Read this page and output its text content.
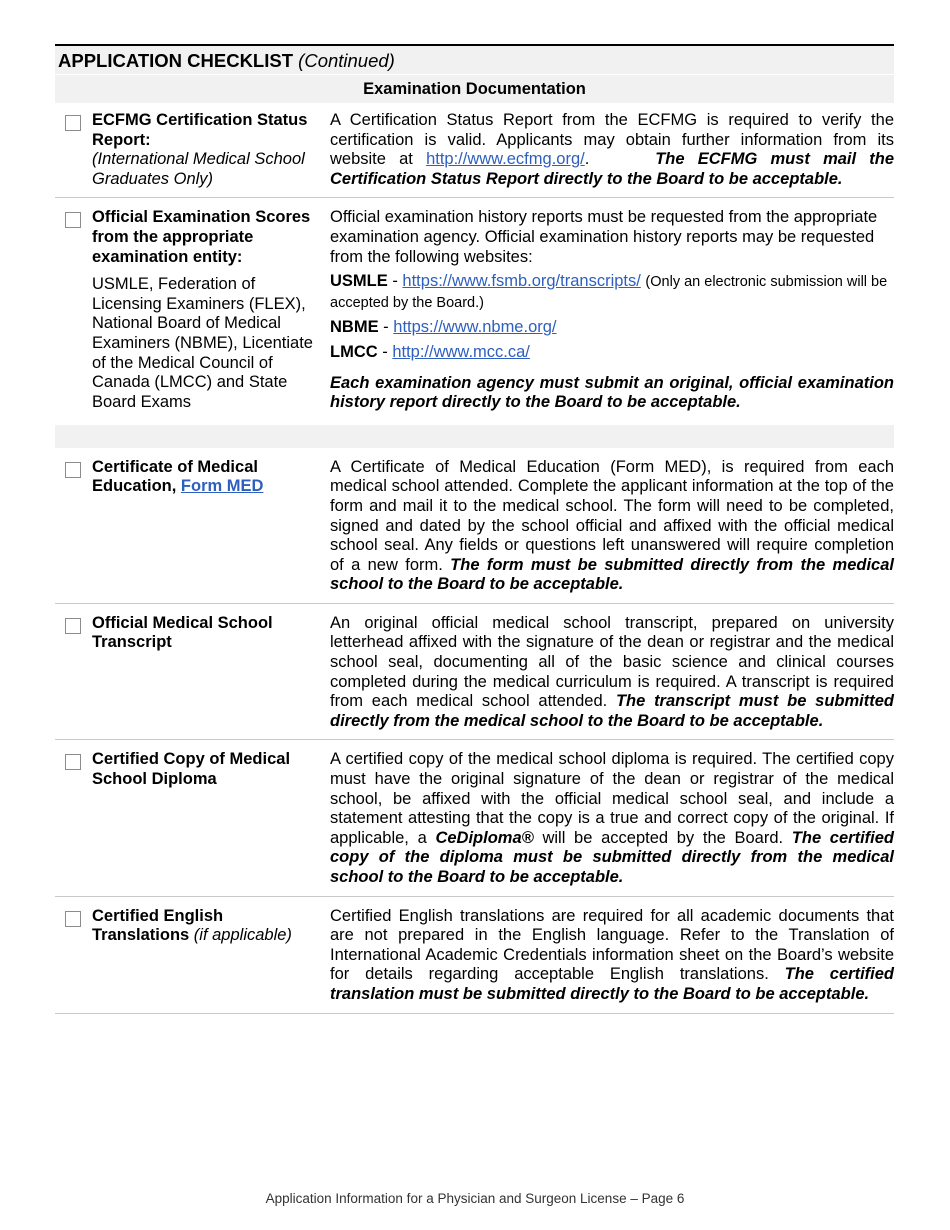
APPLICATION CHECKLIST (Continued)
Examination Documentation
ECFMG Certification Status Report:
(International Medical School Graduates Only)
A Certification Status Report from the ECFMG is required to verify the certification is valid. Applicants may obtain further information from its website at http://www.ecfmg.org/.	The ECFMG must mail the Certification Status Report directly to the Board to be acceptable.
Official Examination Scores from the appropriate examination entity:
USMLE, Federation of Licensing Examiners (FLEX), National Board of Medical Examiners (NBME), Licentiate of the Medical Council of Canada (LMCC) and State Board Exams

Official examination history reports must be requested from the appropriate examination agency. Official examination history reports may be requested from the following websites:

USMLE - https://www.fsmb.org/transcripts/ (Only an electronic submission will be accepted by the Board.)

NBME - https://www.nbme.org/

LMCC - http://www.mcc.ca/

Each examination agency must submit an original, official examination history report directly to the Board to be acceptable.

Certificate of Medical Education, Form MED
A Certificate of Medical Education (Form MED), is required from each medical school attended. Complete the applicant information at the top of the form and mail it to the medical school. The form will need to be completed, signed and dated by the school official and affixed with the official medical school seal. Any fields or questions left unanswered will require completion of a new form. The form must be submitted directly from the medical school to the Board to be acceptable.
Official Medical School Transcript
An original official medical school transcript, prepared on university letterhead affixed with the signature of the dean or registrar and the medical school seal, documenting all of the basic science and clinical courses completed during the medical curriculum is required. A transcript is required from each medical school attended. The transcript must be submitted directly from the medical school to the Board to be acceptable.
Certified Copy of Medical School Diploma
A certified copy of the medical school diploma is required. The certified copy must have the original signature of the dean or registrar of the medical school, be affixed with the official medical school seal, and include a statement attesting that the copy is a true and correct copy of the original. If applicable, a CeDiploma® will be accepted by the Board. The certified copy of the diploma must be submitted directly from the medical school to the Board to be acceptable.
Certified English Translations (if applicable)
Certified English translations are required for all academic documents that are not prepared in the English language. Refer to the Translation of International Academic Credentials information sheet on the Board’s website for details regarding acceptable English translations. The certified translation must be submitted directly to the Board to be acceptable.
Application Information for a Physician and Surgeon License – Page 6
